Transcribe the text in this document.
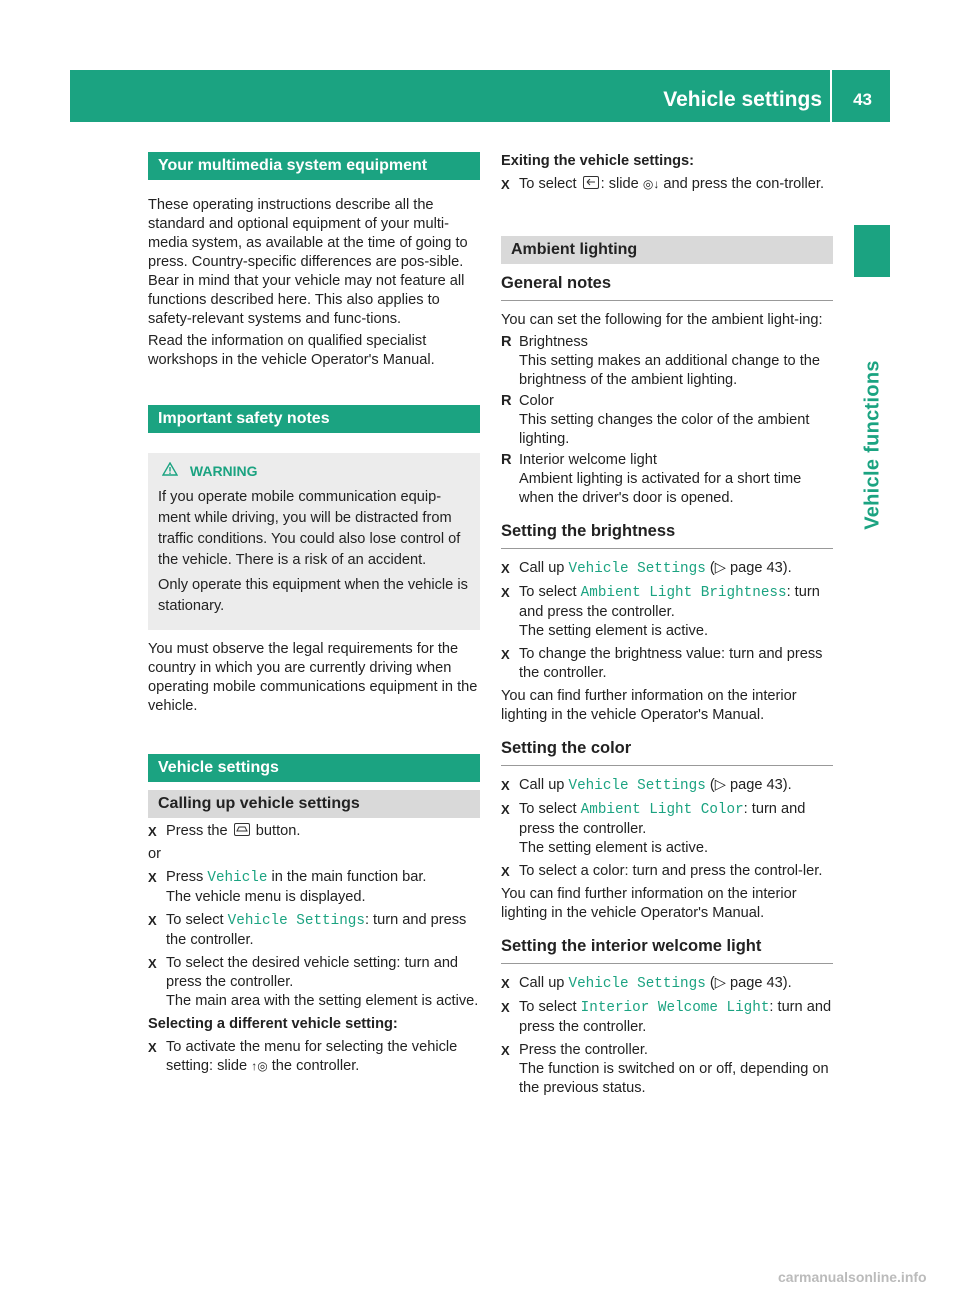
Vehicle settings 43
Vehicle functions
Your multimedia system equipment

These operating instructions describe all the standard and optional equipment of your multi-media system, as available at the time of going to press. Country-specific differences are pos-sible. Bear in mind that your vehicle may not feature all functions described here. This also applies to safety-relevant systems and func-tions.

Read the information on qualified specialist workshops in the vehicle Operator's Manual.

Important safety notes
WARNING

If you operate mobile communication equip-ment while driving, you will be distracted from traffic conditions. You could also lose control of the vehicle. There is a risk of an accident.

Only operate this equipment when the vehicle is stationary.

You must observe the legal requirements for the country in which you are currently driving when operating mobile communications equipment in the vehicle.

Vehicle settings
Calling up vehicle settings
X Press the button.

or

X Press Vehicle in the main function bar.
The vehicle menu is displayed.
X To select Vehicle Settings: turn and press the controller.
X To select the desired vehicle setting: turn and press the controller.
The main area with the setting element is active.

Selecting a different vehicle setting:

X To activate the menu for selecting the vehicle setting: slide ↑◎ the controller.

Exiting the vehicle settings:

X To select : slide ◎↓ and press the con-troller.
Ambient lighting
General notes

You can set the following for the ambient light-ing:

R Brightness
This setting makes an additional change to the brightness of the ambient lighting.
R Color
This setting changes the color of the ambient lighting.
R Interior welcome light
Ambient lighting is activated for a short time when the driver's door is opened.
Setting the brightness
X Call up Vehicle Settings (▷ page 43).
X To select Ambient Light Brightness: turn and press the controller.
The setting element is active.
X To change the brightness value: turn and press the controller.

You can find further information on the interior lighting in the vehicle Operator's Manual.

Setting the color
X Call up Vehicle Settings (▷ page 43).
X To select Ambient Light Color: turn and press the controller.
The setting element is active.
X To select a color: turn and press the control-ler.

You can find further information on the interior lighting in the vehicle Operator's Manual.

Setting the interior welcome light
X Call up Vehicle Settings (▷ page 43).
X To select Interior Welcome Light: turn and press the controller.
X Press the controller.
The function is switched on or off, depending on the previous status.
carmanualsonline.info
